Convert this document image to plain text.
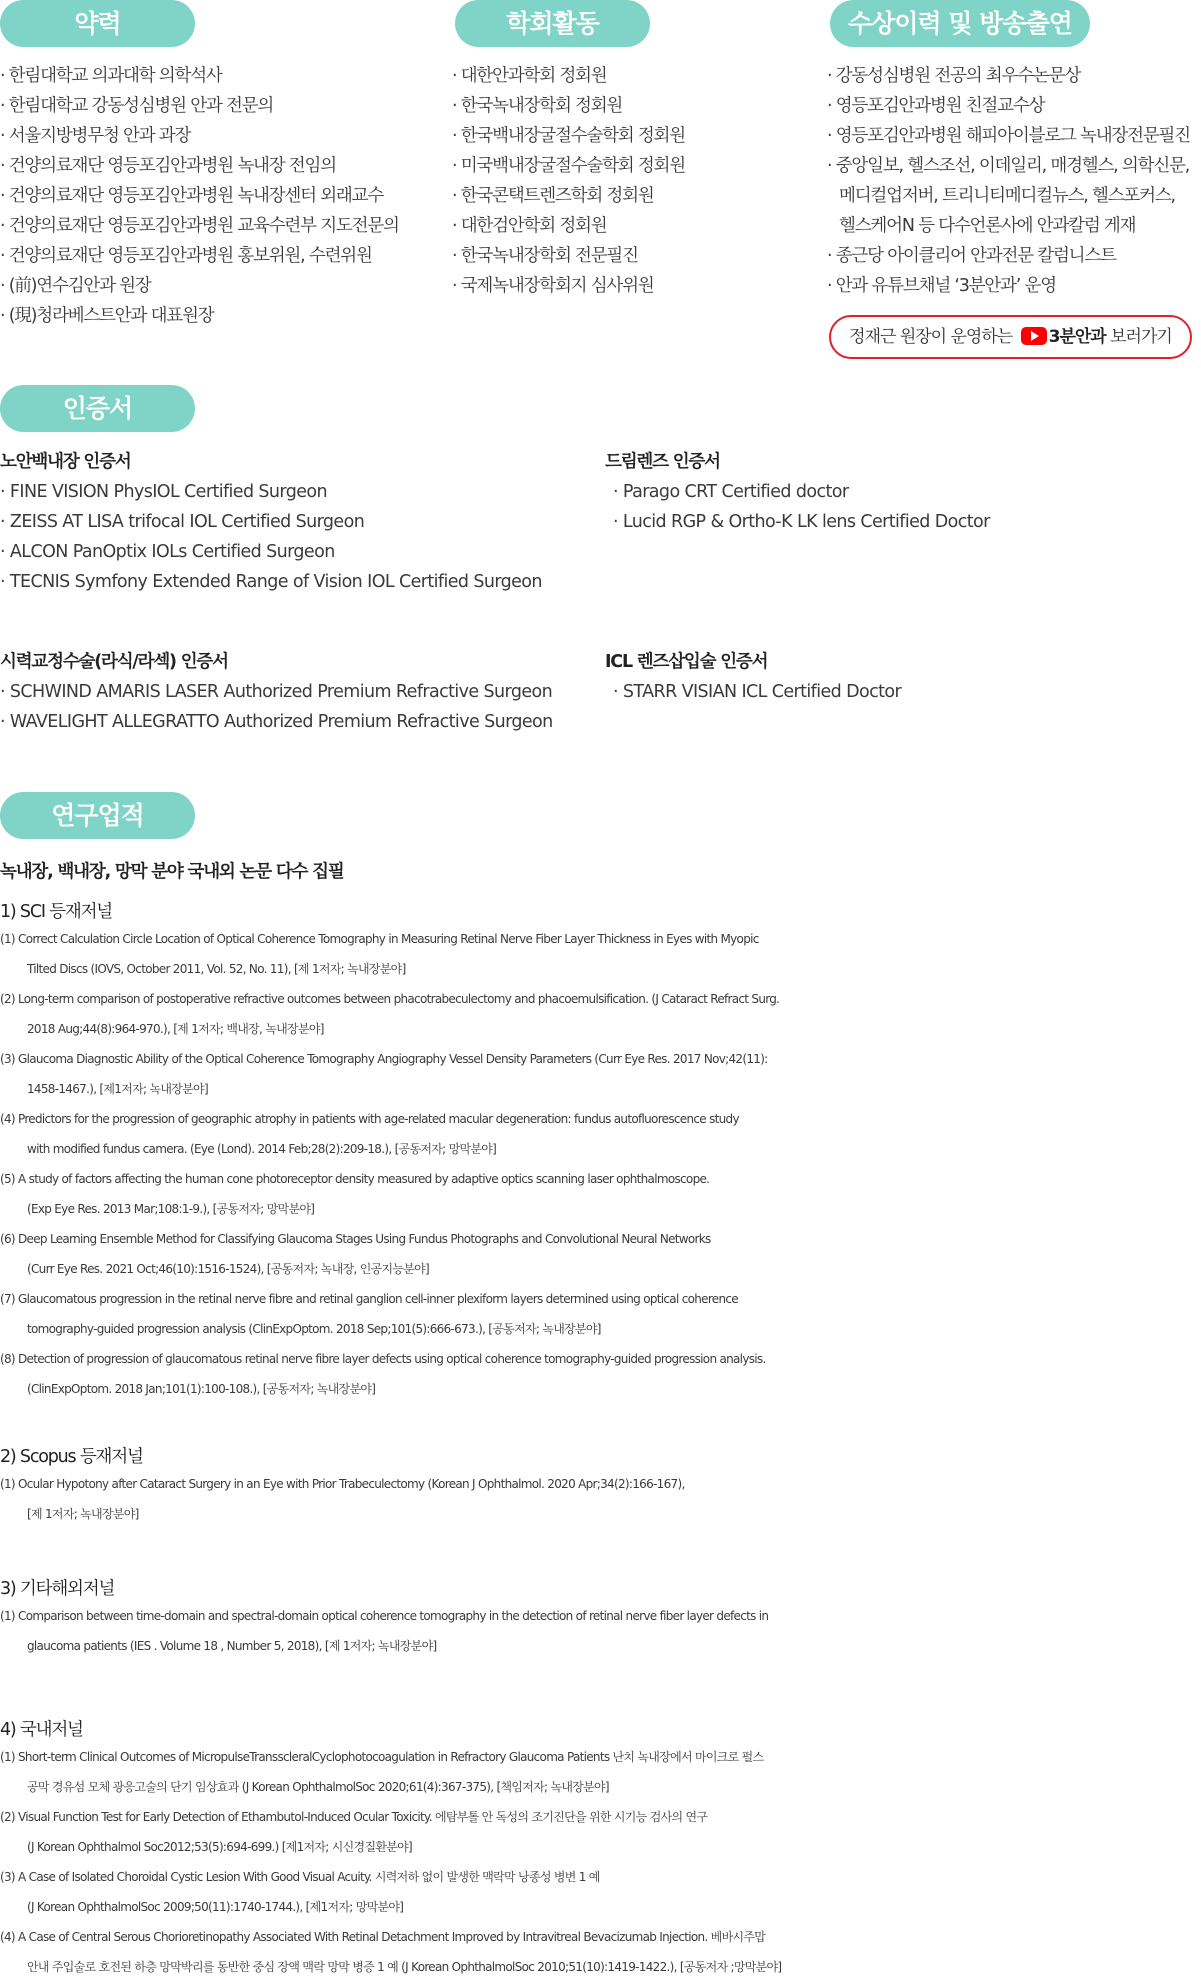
약력
· 한림대학교 의과대학 의학석사
· 한림대학교 강동성심병원 안과 전문의
· 서울지방병무청 안과 과장
· 건양의료재단 영등포김안과병원 녹내장 전임의
· 건양의료재단 영등포김안과병원 녹내장센터 외래교수
· 건양의료재단 영등포김안과병원 교육수련부 지도전문의
· 건양의료재단 영등포김안과병원 홍보위원, 수련위원
· (前)연수김안과 원장
· (現)청라베스트안과 대표원장
학회활동
· 대한안과학회 정회원
· 한국녹내장학회 정회원
· 한국백내장굴절수술학회 정회원
· 미국백내장굴절수술학회 정회원
· 한국콘택트렌즈학회 정회원
· 대한검안학회 정회원
· 한국녹내장학회 전문필진
· 국제녹내장학회지 심사위원
수상이력 및 방송출연
· 강동성심병원 전공의 최우수논문상
· 영등포김안과병원 친절교수상
· 영등포김안과병원 해피아이블로그 녹내장전문필진
· 중앙일보, 헬스조선, 이데일리, 매경헬스, 의학신문,
메디컬업저버, 트리니티메디컬뉴스, 헬스포커스,
헬스케어N 등 다수언론사에 안과칼럼 게재
· 종근당 아이클리어 안과전문 칼럼니스트
· 안과 유튜브채널 ‘3분안과’ 운영
정재근 원장이 운영하는 3분안과 보러가기
인증서
노안백내장 인증서
· FINE VISION PhysIOL Certified Surgeon
· ZEISS AT LISA trifocal IOL Certified Surgeon
· ALCON PanOptix IOLs Certified Surgeon
· TECNIS Symfony Extended Range of Vision IOL Certified Surgeon
드림렌즈 인증서
· Parago CRT Certified doctor
· Lucid RGP & Ortho-K LK lens Certified Doctor
시력교정수술(라식/라섹) 인증서
· SCHWIND AMARIS LASER Authorized Premium Refractive Surgeon
· WAVELIGHT ALLEGRATTO Authorized Premium Refractive Surgeon
ICL 렌즈삽입술 인증서
· STARR VISIAN ICL Certified Doctor
연구업적
녹내장, 백내장, 망막 분야 국내외 논문 다수 집필
1) SCI 등재저널
(1) Correct Calculation Circle Location of Optical Coherence Tomography in Measuring Retinal Nerve Fiber Layer Thickness in Eyes with Myopic
Tilted Discs (IOVS, October 2011, Vol. 52, No. 11), [제 1저자; 녹내장분야]
(2) Long-term comparison of postoperative refractive outcomes between phacotrabeculectomy and phacoemulsification. (J Cataract Refract Surg.
2018 Aug;44(8):964-970.), [제 1저자; 백내장, 녹내장분야]
(3) Glaucoma Diagnostic Ability of the Optical Coherence Tomography Angiography Vessel Density Parameters (Curr Eye Res. 2017 Nov;42(11):
1458-1467.), [제1저자; 녹내장분야]
(4) Predictors for the progression of geographic atrophy in patients with age-related macular degeneration: fundus autofluorescence study
with modified fundus camera. (Eye (Lond). 2014 Feb;28(2):209-18.), [공동저자; 망막분야]
(5) A study of factors affecting the human cone photoreceptor density measured by adaptive optics scanning laser ophthalmoscope.
(Exp Eye Res. 2013 Mar;108:1-9.), [공동저자; 망막분야]
(6) Deep Learning Ensemble Method for Classifying Glaucoma Stages Using Fundus Photographs and Convolutional Neural Networks
(Curr Eye Res. 2021 Oct;46(10):1516-1524), [공동저자; 녹내장, 인공지능분야]
(7) Glaucomatous progression in the retinal nerve fibre and retinal ganglion cell-inner plexiform layers determined using optical coherence
tomography-guided progression analysis (ClinExpOptom. 2018 Sep;101(5):666-673.), [공동저자; 녹내장분야]
(8) Detection of progression of glaucomatous retinal nerve fibre layer defects using optical coherence tomography-guided progression analysis.
(ClinExpOptom. 2018 Jan;101(1):100-108.), [공동저자; 녹내장분야]
2) Scopus 등재저널
(1) Ocular Hypotony after Cataract Surgery in an Eye with Prior Trabeculectomy (Korean J Ophthalmol. 2020 Apr;34(2):166-167),
[제 1저자; 녹내장분야]
3) 기타해외저널
(1) Comparison between time-domain and spectral-domain optical coherence tomography in the detection of retinal nerve fiber layer defects in
glaucoma patients (IES . Volume 18 , Number 5, 2018), [제 1저자; 녹내장분야]
4) 국내저널
(1) Short-term Clinical Outcomes of MicropulseTransscleralCyclophotocoagulation in Refractory Glaucoma Patients 난치 녹내장에서 마이크로 펄스
공막 경유섬 모체 광응고술의 단기 임상효과 (J Korean OphthalmolSoc 2020;61(4):367-375), [책임저자; 녹내장분야]
(2) Visual Function Test for Early Detection of Ethambutol-Induced Ocular Toxicity. 에탐부톨 안 독성의 조기진단을 위한 시기능 검사의 연구
(J Korean Ophthalmol Soc2012;53(5):694-699.) [제1저자; 시신경질환분야]
(3) A Case of Isolated Choroidal Cystic Lesion With Good Visual Acuity. 시력저하 없이 발생한 맥락막 낭종성 병변 1 예
(J Korean OphthalmolSoc 2009;50(11):1740-1744.), [제1저자; 망막분야]
(4) A Case of Central Serous Chorioretinopathy Associated With Retinal Detachment Improved by Intravitreal Bevacizumab Injection. 베바시주맙
안내 주입술로 호전된 하층 망막박리를 동반한 중심 장액 맥락 망막 병증 1 예 (J Korean OphthalmolSoc 2010;51(10):1419-1422.), [공동저자 ;망막분야]
